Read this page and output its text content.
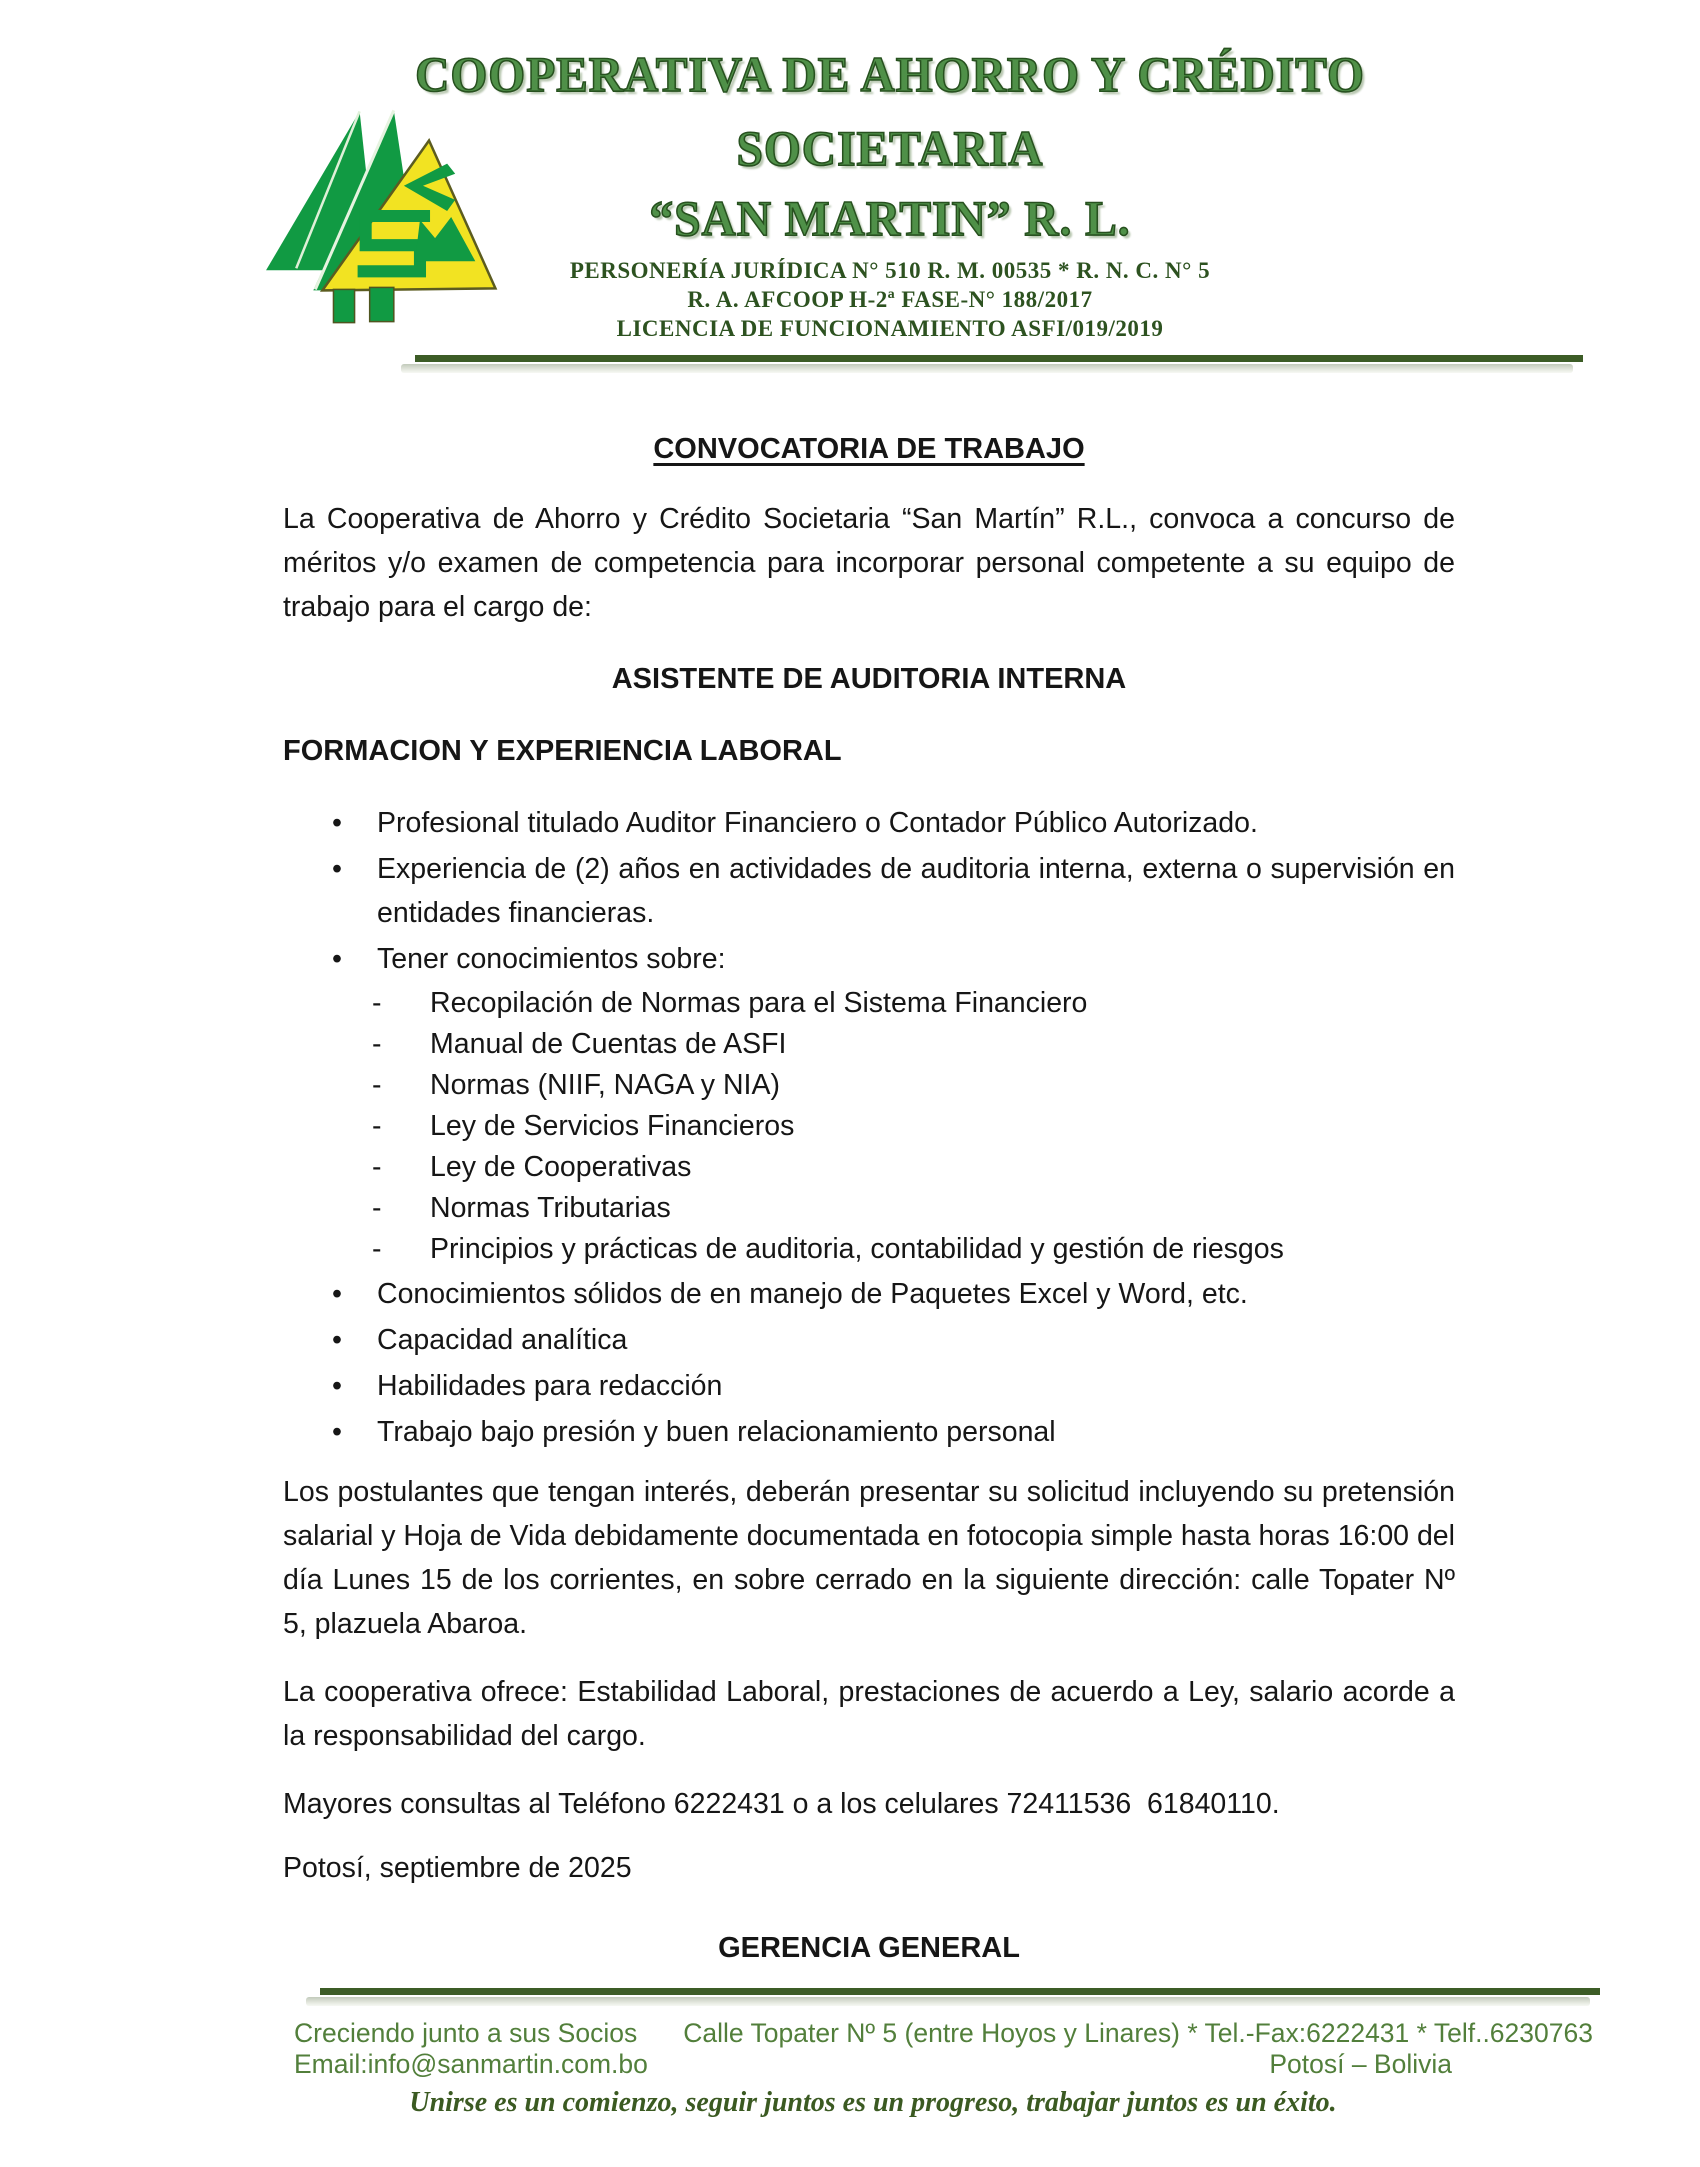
COOPERATIVA DE AHORRO Y CRÉDITO
SOCIETARIA
“SAN MARTIN” R. L.
PERSONERÍA JURÍDICA N° 510 R. M. 00535 * R. N. C. N° 5
R. A. AFCOOP H-2ª FASE-N° 188/2017
LICENCIA DE FUNCIONAMIENTO ASFI/019/2019
CONVOCATORIA DE TRABAJO

La Cooperativa de Ahorro y Crédito Societaria “San Martín” R.L., convoca a concurso de méritos y/o examen de competencia para incorporar personal competente a su equipo de trabajo para el cargo de:

ASISTENTE DE AUDITORIA INTERNA
FORMACION Y EXPERIENCIA LABORAL
•	Profesional titulado Auditor Financiero o Contador Público Autorizado.
•	Experiencia de (2) años en actividades de auditoria interna, externa o supervisión en entidades financieras.
•	Tener conocimientos sobre:
-	Recopilación de Normas para el Sistema Financiero
-	Manual de Cuentas de ASFI
-	Normas (NIIF, NAGA y NIA)
-	Ley de Servicios Financieros
-	Ley de Cooperativas
-	Normas Tributarias
-	Principios y prácticas de auditoria, contabilidad y gestión de riesgos
•	Conocimientos sólidos de en manejo de Paquetes Excel y Word, etc.
•	Capacidad analítica
•	Habilidades para redacción
•	Trabajo bajo presión y buen relacionamiento personal

Los postulantes que tengan interés, deberán presentar su solicitud incluyendo su pretensión salarial y Hoja de Vida debidamente documentada en fotocopia simple hasta horas 16:00 del día Lunes 15 de los corrientes, en sobre cerrado en la siguiente dirección: calle Topater Nº 5, plazuela Abaroa.

La cooperativa ofrece: Estabilidad Laboral, prestaciones de acuerdo a Ley, salario acorde a la responsabilidad del cargo.

Mayores consultas al Teléfono 6222431 o a los celulares 72411536  61840110.

Potosí, septiembre de 2025

GERENCIA GENERAL
Creciendo junto a sus Socios Calle Topater Nº 5 (entre Hoyos y Linares) * Tel.-Fax:6222431 * Telf..6230763
Email:info@sanmartin.com.bo	Potosí – Bolivia
Unirse es un comienzo, seguir juntos es un progreso, trabajar juntos es un éxito.
